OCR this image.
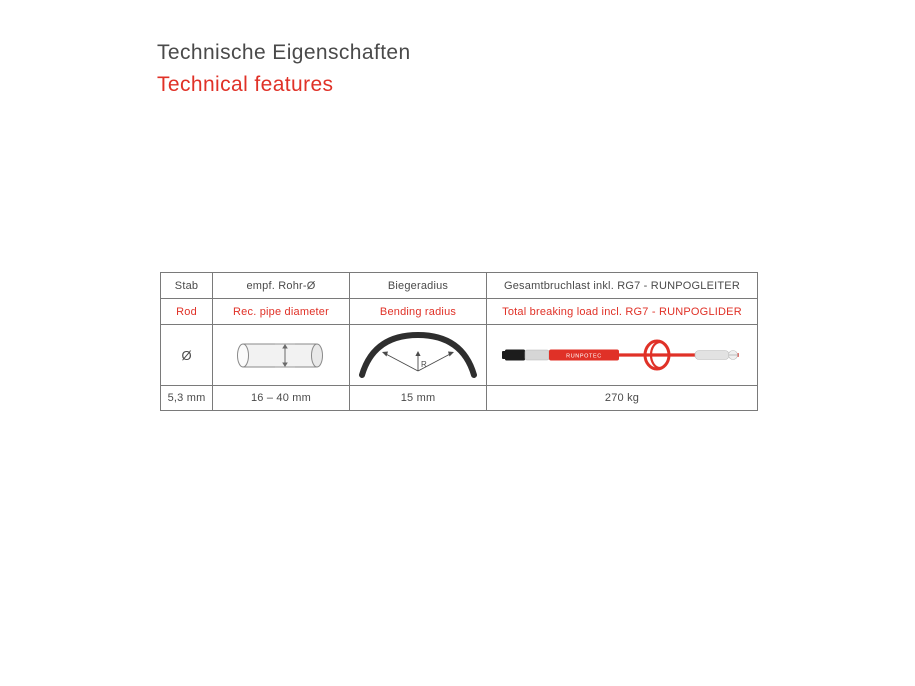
Technische Eigenschaften
Technical features
Stab	empf. Rohr-Ø	Biegeradius	Gesamtbruchlast inkl. RG7 - RUNPOGLEITER
Rod	Rec. pipe diameter	Bending radius	Total breaking load incl. RG7 - RUNPOGLIDER

Ø		R	RUNPOTEC

5,3 mm	16 – 40 mm	15 mm	270 kg
